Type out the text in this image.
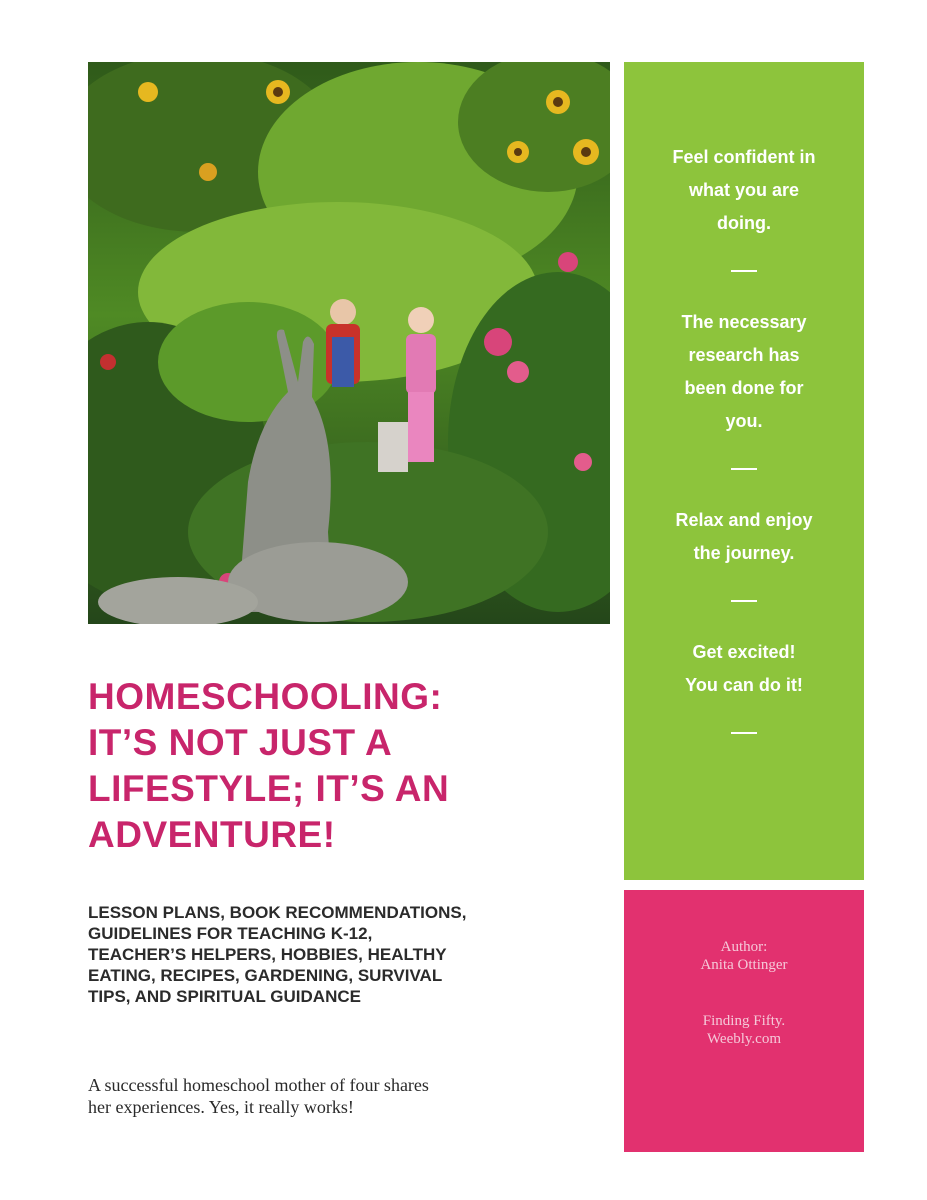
Feel confident in
what you are
doing.
The necessary
research has
been done for
you.
Relax and enjoy
the journey.
Get excited!
You can do it!
Author:
Anita Ottinger
Finding Fifty.
Weebly.com
HOMESCHOOLING:
IT’S NOT JUST A
LIFESTYLE; IT’S AN
ADVENTURE!
LESSON PLANS, BOOK RECOMMENDATIONS,
GUIDELINES FOR TEACHING K-12,
TEACHER’S HELPERS, HOBBIES, HEALTHY
EATING, RECIPES, GARDENING, SURVIVAL
TIPS, AND SPIRITUAL GUIDANCE
A successful homeschool mother of four shares
her experiences. Yes, it really works!
